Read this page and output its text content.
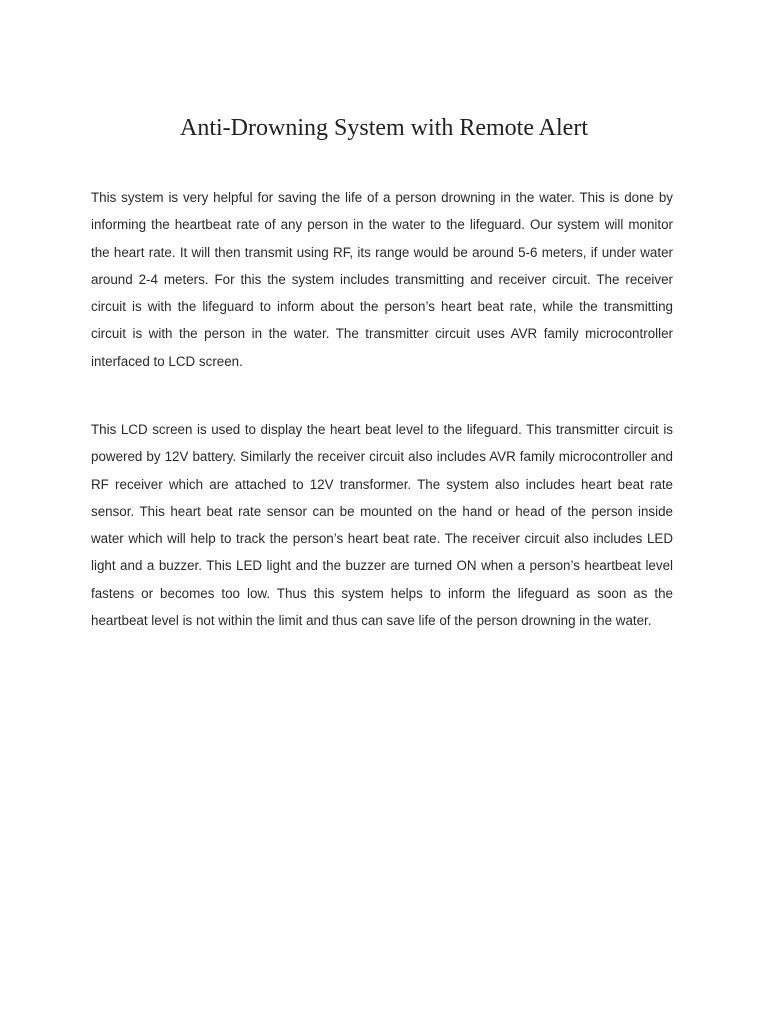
Anti-Drowning System with Remote Alert

This system is very helpful for saving the life of a person drowning in the water. This is done by informing the heartbeat rate of any person in the water to the lifeguard. Our system will monitor the heart rate. It will then transmit using RF, its range would be around 5-6 meters, if under water around 2-4 meters. For this the system includes transmitting and receiver circuit. The receiver circuit is with the lifeguard to inform about the person’s heart beat rate, while the transmitting circuit is with the person in the water. The transmitter circuit uses AVR family microcontroller interfaced to LCD screen.

This LCD screen is used to display the heart beat level to the lifeguard. This transmitter circuit is powered by 12V battery. Similarly the receiver circuit also includes AVR family microcontroller and RF receiver which are attached to 12V transformer. The system also includes heart beat rate sensor. This heart beat rate sensor can be mounted on the hand or head of the person inside water which will help to track the person’s heart beat rate. The receiver circuit also includes LED light and a buzzer. This LED light and the buzzer are turned ON when a person’s heartbeat level fastens or becomes too low. Thus this system helps to inform the lifeguard as soon as the heartbeat level is not within the limit and thus can save life of the person drowning in the water.
